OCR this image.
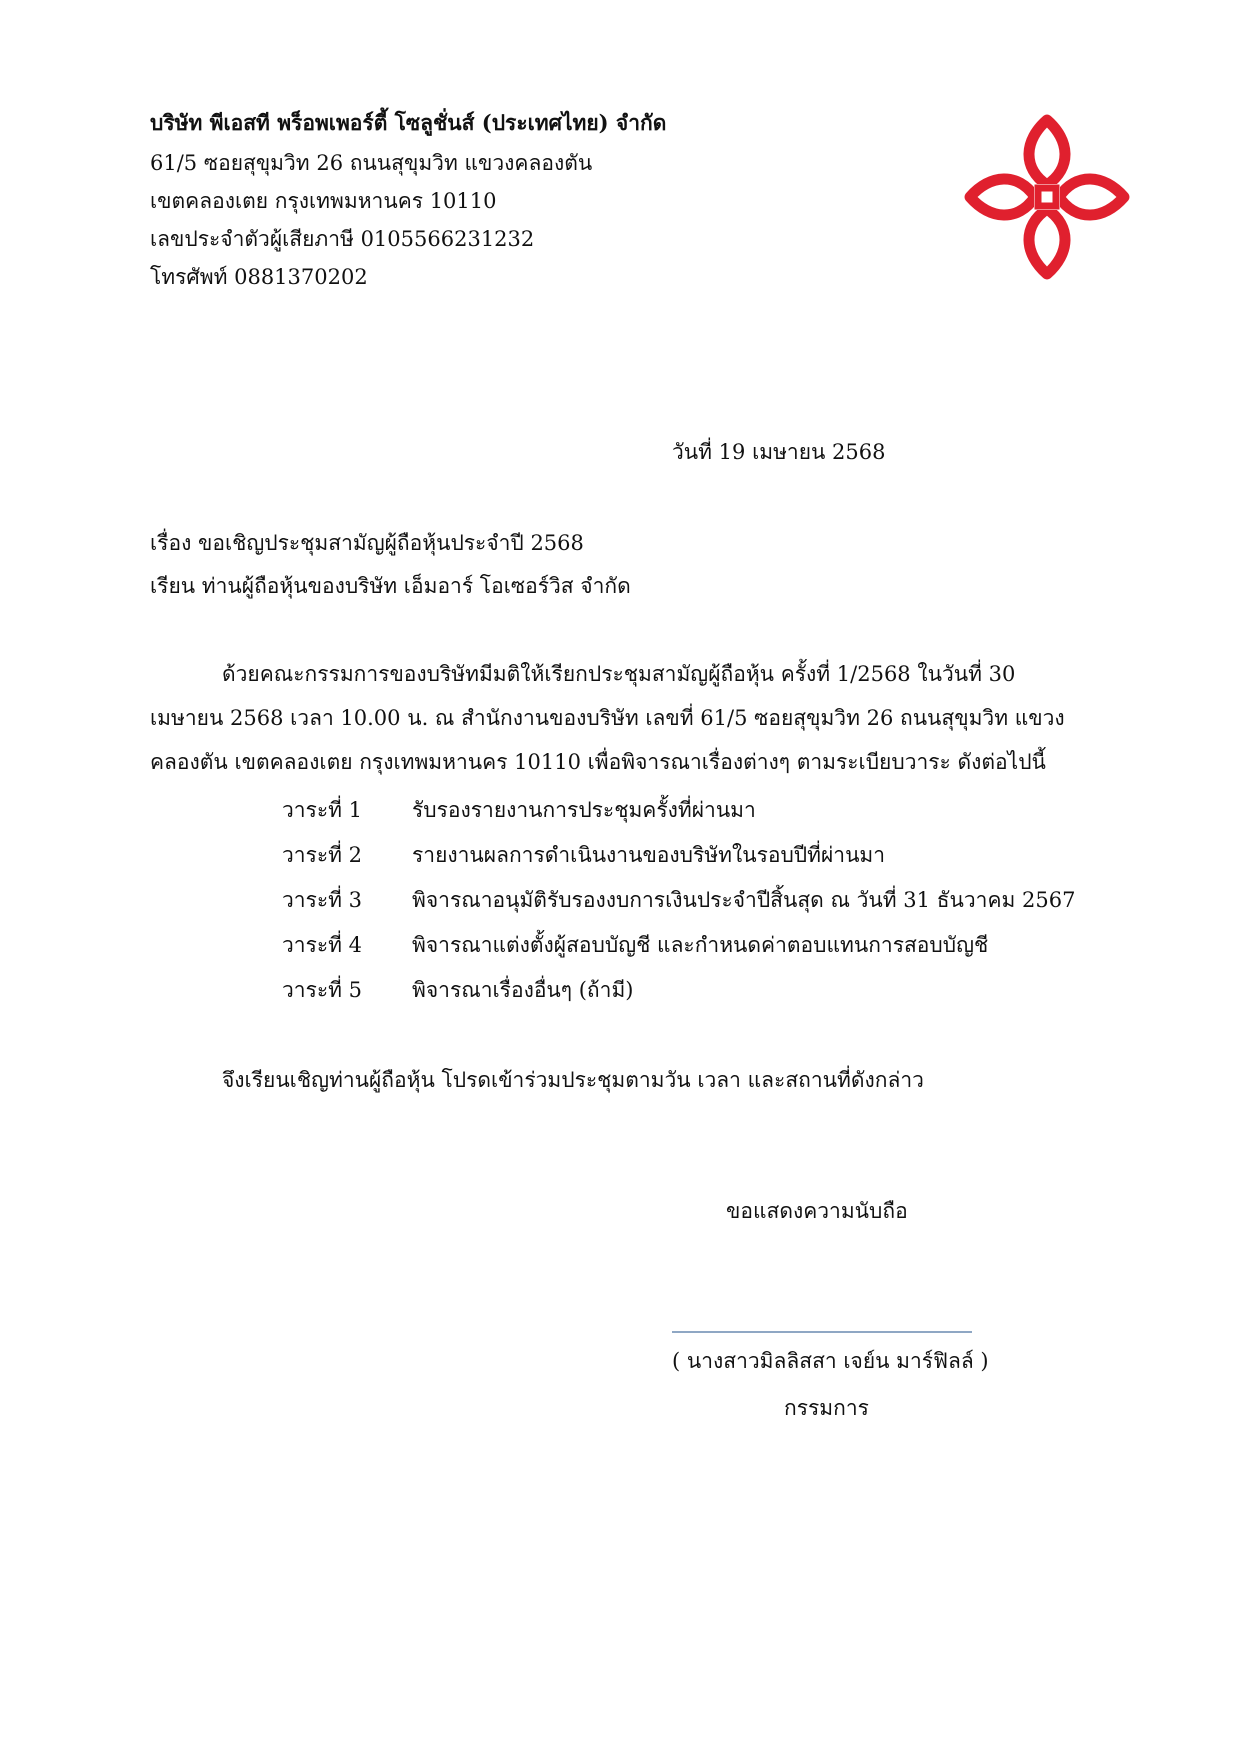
บริษัท พีเอสที พร็อพเพอร์ตี้ โซลูชั่นส์ (ประเทศไทย) จำกัด
61/5 ซอยสุขุมวิท 26 ถนนสุขุมวิท แขวงคลองตัน
เขตคลองเตย กรุงเทพมหานคร 10110
เลขประจำตัวผู้เสียภาษี 0105566231232
โทรศัพท์ 0881370202
วันที่ 19 เมษายน 2568
เรื่อง ขอเชิญประชุมสามัญผู้ถือหุ้นประจำปี 2568
เรียน ท่านผู้ถือหุ้นของบริษัท เอ็มอาร์ โอเซอร์วิส จำกัด
ด้วยคณะกรรมการของบริษัทมีมติให้เรียกประชุมสามัญผู้ถือหุ้น ครั้งที่ 1/2568 ในวันที่ 30 เมษายน 2568 เวลา 10.00 น. ณ สำนักงานของบริษัท เลขที่ 61/5 ซอยสุขุมวิท 26 ถนนสุขุมวิท แขวงคลองตัน เขตคลองเตย กรุงเทพมหานคร 10110 เพื่อพิจารณาเรื่องต่างๆ ตามระเบียบวาระ ดังต่อไปนี้
วาระที่ 1 รับรองรายงานการประชุมครั้งที่ผ่านมา
วาระที่ 2 รายงานผลการดำเนินงานของบริษัทในรอบปีที่ผ่านมา
วาระที่ 3 พิจารณาอนุมัติรับรองงบการเงินประจำปีสิ้นสุด ณ วันที่ 31 ธันวาคม 2567
วาระที่ 4 พิจารณาแต่งตั้งผู้สอบบัญชี และกำหนดค่าตอบแทนการสอบบัญชี
วาระที่ 5 พิจารณาเรื่องอื่นๆ (ถ้ามี)
จึงเรียนเชิญท่านผู้ถือหุ้น โปรดเข้าร่วมประชุมตามวัน เวลา และสถานที่ดังกล่าว
ขอแสดงความนับถือ
( นางสาวมิลลิสสา เจย์น มาร์ฟิลล์ )
กรรมการ
